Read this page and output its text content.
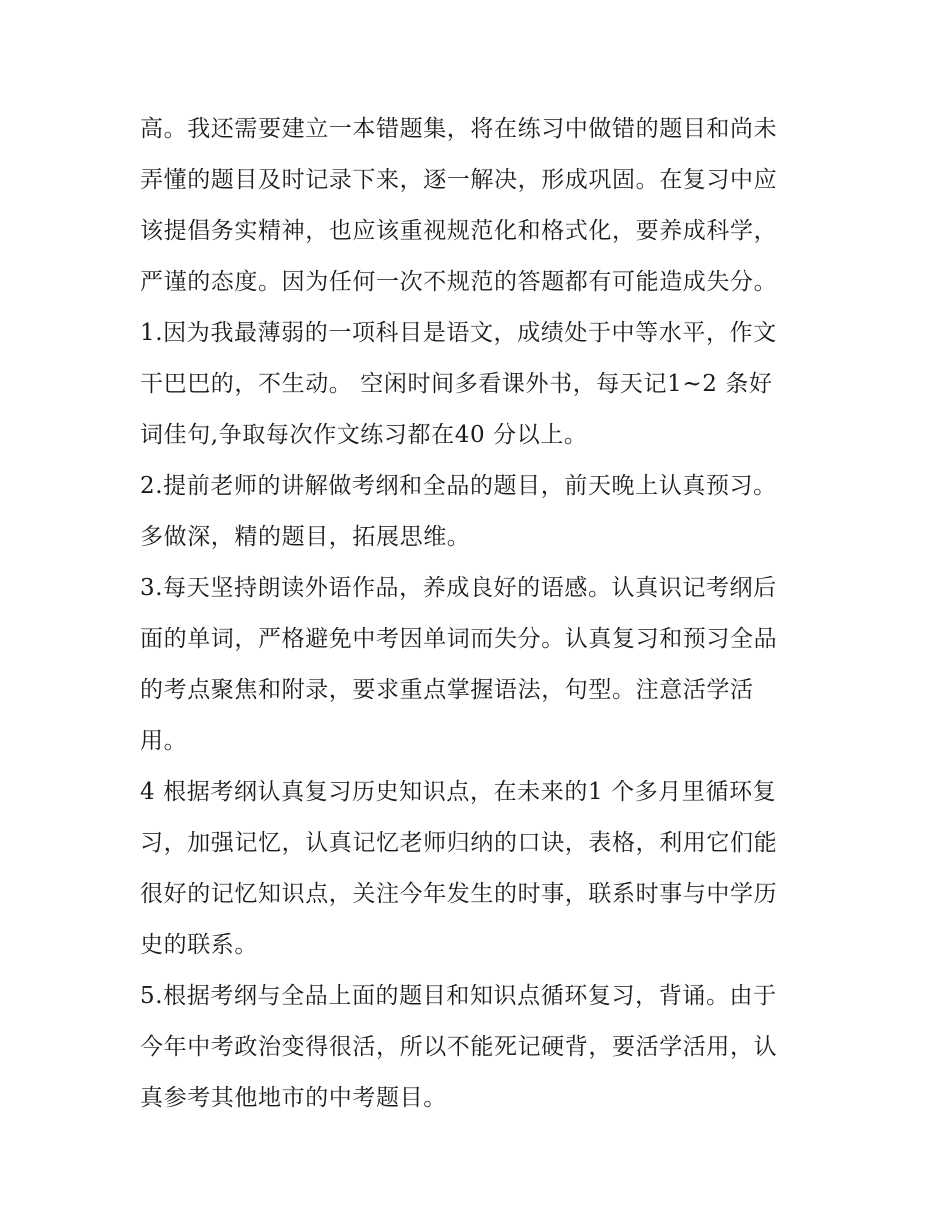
高。我还需要建立一本错题集，将在练习中做错的题目和尚未
弄懂的题目及时记录下来，逐一解决，形成巩固。在复习中应
该提倡务实精神，也应该重视规范化和格式化，要养成科学，
严谨的态度。因为任何一次不规范的答题都有可能造成失分。
1.因为我最薄弱的一项科目是语文，成绩处于中等水平，作文
干巴巴的，不生动。 空闲时间多看课外书，每天记1~2 条好
词佳句,争取每次作文练习都在40 分以上。
2.提前老师的讲解做考纲和全品的题目，前天晚上认真预习。
多做深，精的题目，拓展思维。
3.每天坚持朗读外语作品，养成良好的语感。认真识记考纲后
面的单词，严格避免中考因单词而失分。认真复习和预习全品
的考点聚焦和附录，要求重点掌握语法，句型。注意活学活
用。
4 根据考纲认真复习历史知识点，在未来的1 个多月里循环复
习，加强记忆，认真记忆老师归纳的口诀，表格，利用它们能
很好的记忆知识点，关注今年发生的时事，联系时事与中学历
史的联系。
5.根据考纲与全品上面的题目和知识点循环复习，背诵。由于
今年中考政治变得很活，所以不能死记硬背，要活学活用，认
真参考其他地市的中考题目。
